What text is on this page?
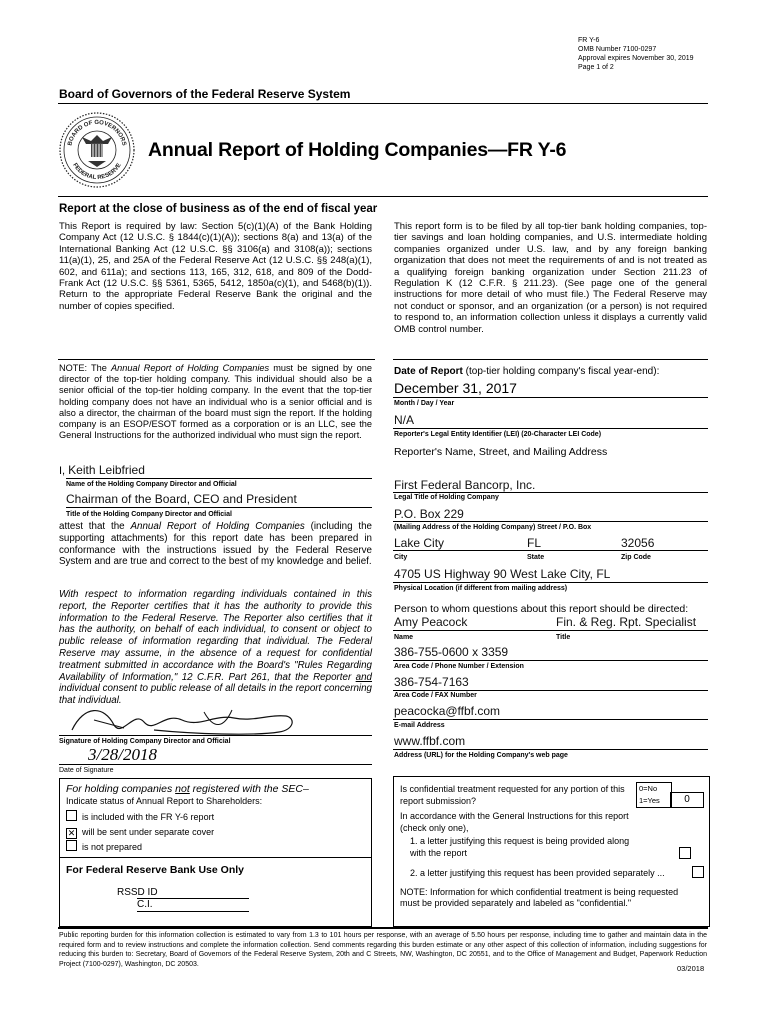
FR Y-6
OMB Number 7100-0297
Approval expires November 30, 2019
Page 1 of 2
Board of Governors of the Federal Reserve System
BOARD OF GOVERNORS
FEDERAL RESERVE
Annual Report of Holding Companies—FR Y-6
Report at the close of business as of the end of fiscal year
This Report is required by law: Section 5(c)(1)(A) of the Bank Holding Company Act (12 U.S.C. § 1844(c)(1)(A)); sections 8(a) and 13(a) of the International Banking Act (12 U.S.C. §§ 3106(a) and 3108(a)); sections 11(a)(1), 25, and 25A of the Federal Reserve Act (12 U.S.C. §§ 248(a)(1), 602, and 611a); and sections 113, 165, 312, 618, and 809 of the Dodd-Frank Act (12 U.S.C. §§ 5361, 5365, 5412, 1850a(c)(1), and 5468(b)(1)). Return to the appropriate Federal Reserve Bank the original and the number of copies specified.
This report form is to be filed by all top-tier bank holding companies, top-tier savings and loan holding companies, and U.S. intermediate holding companies organized under U.S. law, and by any foreign banking organization that does not meet the requirements of and is not treated as a qualifying foreign banking organization under Section 211.23 of Regulation K (12 C.F.R. § 211.23). (See page one of the general instructions for more detail of who must file.) The Federal Reserve may not conduct or sponsor, and an organization (or a person) is not required to respond to, an information collection unless it displays a currently valid OMB control number.
NOTE: The Annual Report of Holding Companies must be signed by one director of the top-tier holding company. This individual should also be a senior official of the top-tier holding company. In the event that the top-tier holding company does not have an individual who is a senior official and is also a director, the chairman of the board must sign the report. If the holding company is an ESOP/ESOT formed as a corporation or is an LLC, see the General Instructions for the authorized individual who must sign the report.
I, Keith Leibfried
Name of the Holding Company Director and Official
Chairman of the Board, CEO and President
Title of the Holding Company Director and Official
attest that the Annual Report of Holding Companies (including the supporting attachments) for this report date has been prepared in conformance with the instructions issued by the Federal Reserve System and are true and correct to the best of my knowledge and belief.
With respect to information regarding individuals contained in this report, the Reporter certifies that it has the authority to provide this information to the Federal Reserve. The Reporter also certifies that it has the authority, on behalf of each individual, to consent or object to public release of information regarding that individual. The Federal Reserve may assume, in the absence of a request for confidential treatment submitted in accordance with the Board's "Rules Regarding Availability of Information," 12 C.F.R. Part 261, that the Reporter and individual consent to public release of all details in the report concerning that individual.
Signature of Holding Company Director and Official
3/28/2018
Date of Signature
For holding companies not registered with the SEC–
Indicate status of Annual Report to Shareholders:
is included with the FR Y-6 report
✕ will be sent under separate cover
is not prepared
For Federal Reserve Bank Use Only
RSSD ID
C.I.
Date of Report (top-tier holding company's fiscal year-end):
December 31, 2017
Month / Day / Year
N/A
Reporter's Legal Entity Identifier (LEI) (20-Character LEI Code)
Reporter's Name, Street, and Mailing Address
First Federal Bancorp, Inc.
Legal Title of Holding Company
P.O. Box 229
(Mailing Address of the Holding Company) Street / P.O. Box
Lake City	FL	32056
City	State	Zip Code
4705 US Highway 90 West Lake City, FL
Physical Location (if different from mailing address)
Person to whom questions about this report should be directed:
Amy Peacock	Fin. & Reg. Rpt. Specialist
Name	Title
386-755-0600 x 3359
Area Code / Phone Number / Extension
386-754-7163
Area Code / FAX Number
peacocka@ffbf.com
E-mail Address
www.ffbf.com
Address (URL) for the Holding Company's web page
Is confidential treatment requested for any portion of this report submission?
0=No
1=Yes	0
In accordance with the General Instructions for this report (check only one),
1. a letter justifying this request is being provided along with the report
2. a letter justifying this request has been provided separately ...
NOTE: Information for which confidential treatment is being requested must be provided separately and labeled as "confidential."
Public reporting burden for this information collection is estimated to vary from 1.3 to 101 hours per response, with an average of 5.50 hours per response, including time to gather and maintain data in the required form and to review instructions and complete the information collection. Send comments regarding this burden estimate or any other aspect of this collection of information, including suggestions for reducing this burden to: Secretary, Board of Governors of the Federal Reserve System, 20th and C Streets, NW, Washington, DC 20551, and to the Office of Management and Budget, Paperwork Reduction Project (7100-0297), Washington, DC 20503.	03/2018
